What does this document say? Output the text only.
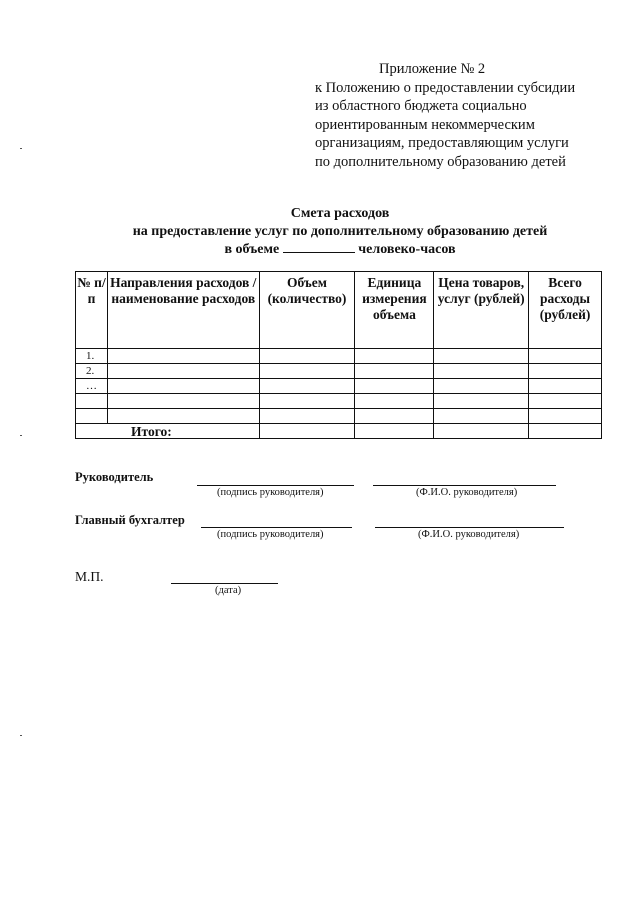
Приложение № 2
к Положению о предоставлении субсидии
из областного бюджета социально
ориентированным некоммерческим
организациям, предоставляющим услуги
по дополнительному образованию детей
Смета расходов
на предоставление услуг по дополнительному образованию детей
в объеме	человеко-часов
№ п/п	Направления расходов / наименование расходов	Объем (количество)	Единица измерения объема	Цена товаров, услуг (рублей)	Всего расходы (рублей)
1.					
2.					
…					

Итого:					
Руководитель
(подпись руководителя)	(Ф.И.О. руководителя)
Главный бухгалтер
(подпись руководителя)	(Ф.И.О. руководителя)
М.П.
(дата)
